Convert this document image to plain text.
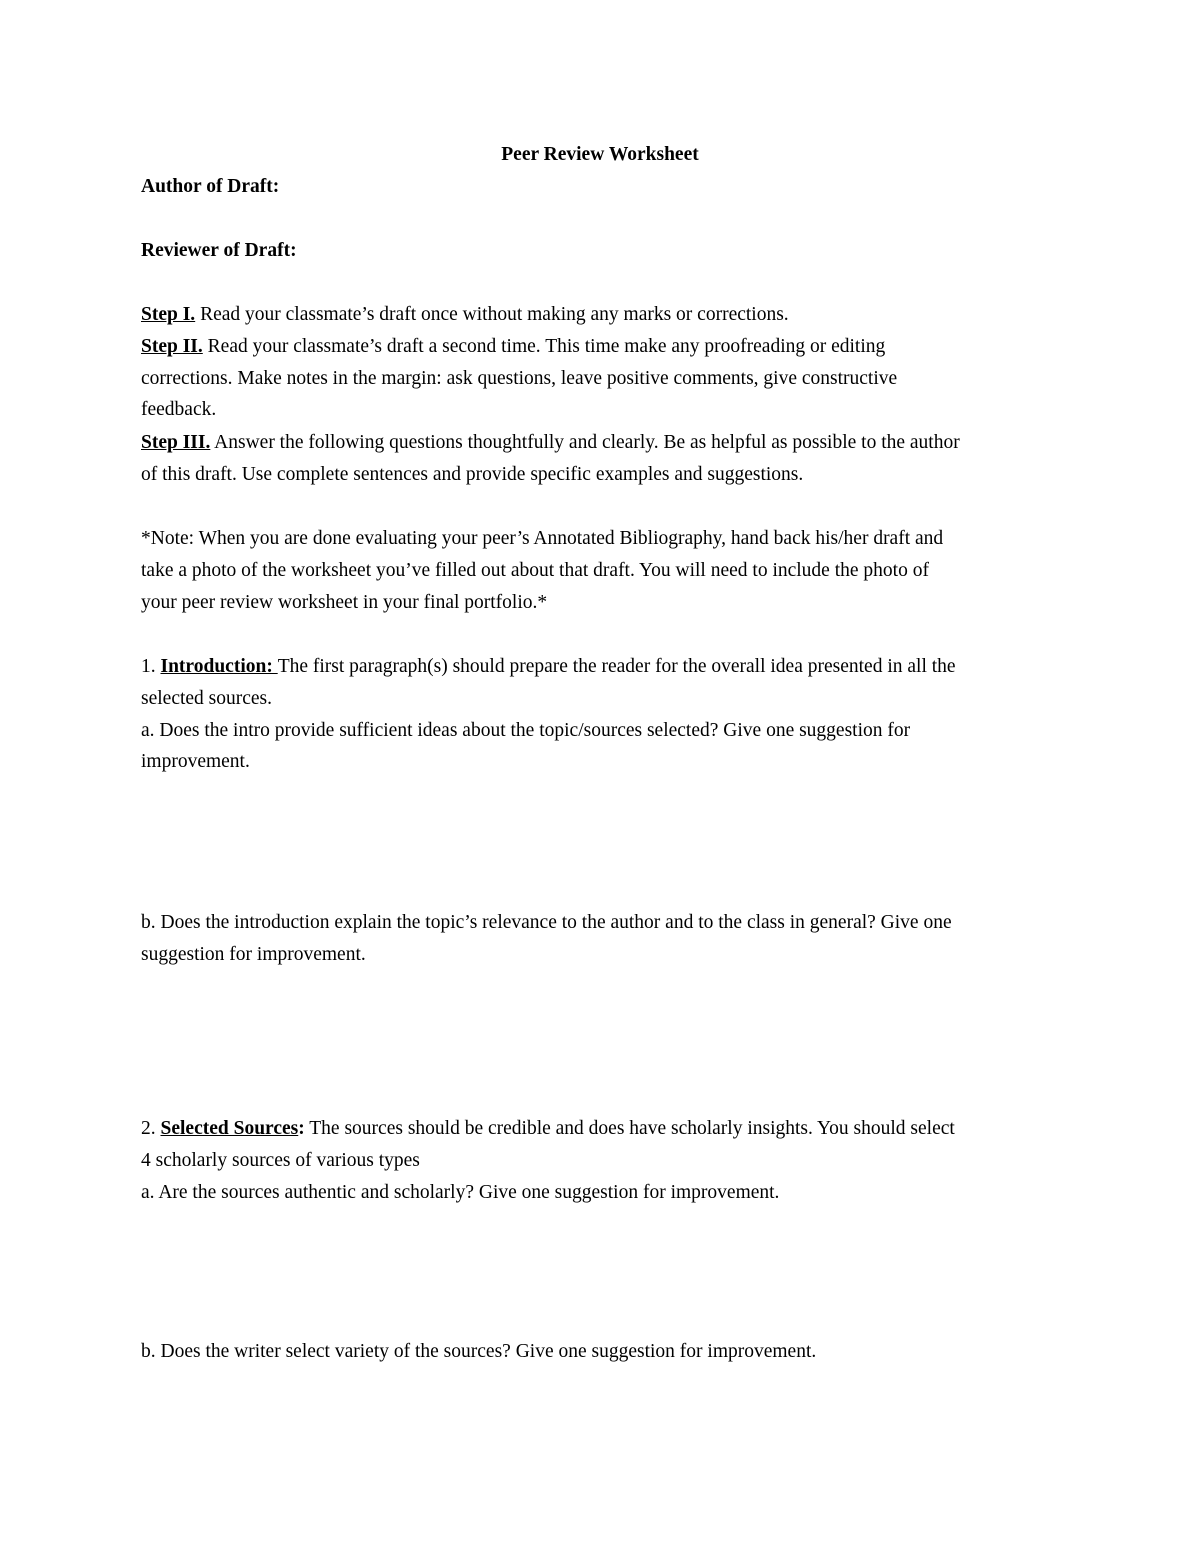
Peer Review Worksheet
Author of Draft:
Reviewer of Draft:
Step I. Read your classmate’s draft once without making any marks or corrections.
Step II. Read your classmate’s draft a second time. This time make any proofreading or editing
corrections. Make notes in the margin: ask questions, leave positive comments, give constructive
feedback.
Step III. Answer the following questions thoughtfully and clearly. Be as helpful as possible to the author
of this draft. Use complete sentences and provide specific examples and suggestions.
*Note: When you are done evaluating your peer’s Annotated Bibliography, hand back his/her draft and
take a photo of the worksheet you’ve filled out about that draft. You will need to include the photo of
your peer review worksheet in your final portfolio.*
1. Introduction: The first paragraph(s) should prepare the reader for the overall idea presented in all the
selected sources.
a. Does the intro provide sufficient ideas about the topic/sources selected? Give one suggestion for
improvement.
b. Does the introduction explain the topic’s relevance to the author and to the class in general? Give one
suggestion for improvement.
2. Selected Sources: The sources should be credible and does have scholarly insights. You should select
4 scholarly sources of various types
a. Are the sources authentic and scholarly? Give one suggestion for improvement.
b. Does the writer select variety of the sources? Give one suggestion for improvement.
